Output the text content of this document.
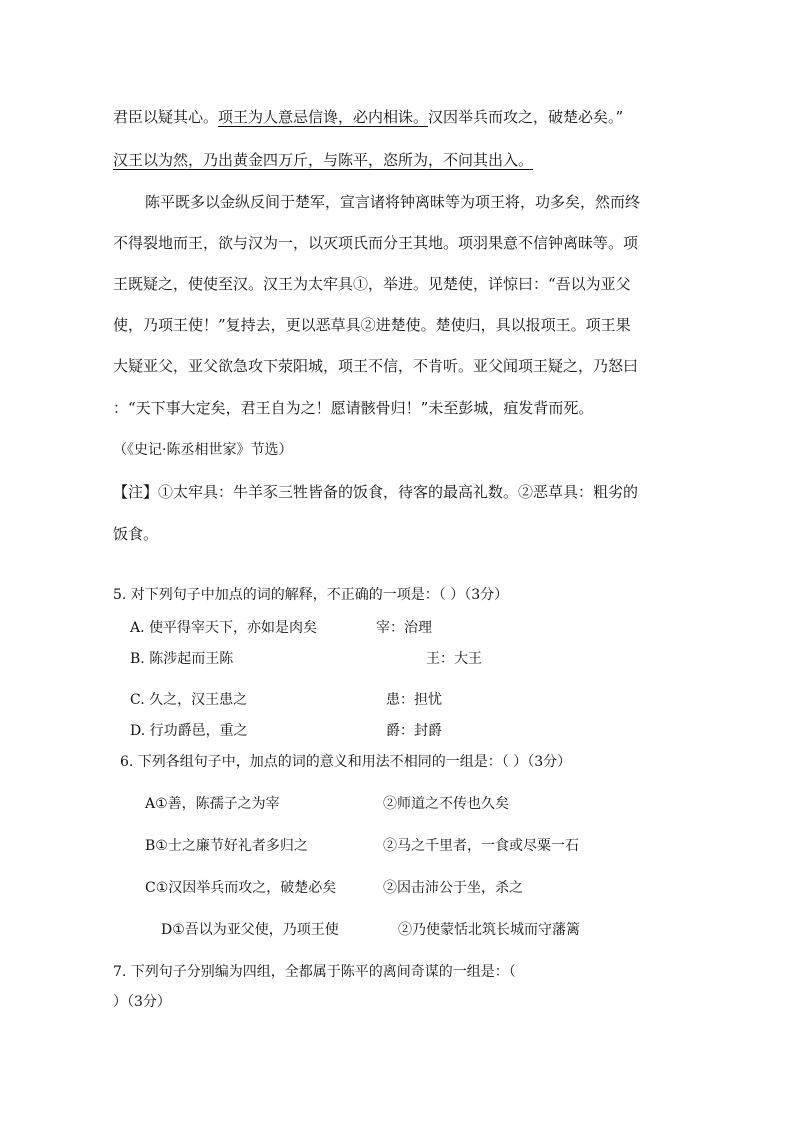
君臣以疑其心。项王为人意忌信谗，必内相诛。汉因举兵而攻之，破楚必矣。”
汉王以为然，乃出黄金四万斤，与陈平，恣所为，不问其出入。
陈平既多以金纵反间于楚军，宣言诸将钟离昧等为项王将，功多矣，然而终
不得裂地而王，欲与汉为一，以灭项氏而分王其地。项羽果意不信钟离昧等。项
王既疑之，使使至汉。汉王为太牢具①，举进。见楚使，详惊曰：“吾以为亚父
使，乃项王使！”复持去，更以恶草具②进楚使。楚使归，具以报项王。项王果
大疑亚父，亚父欲急攻下荥阳城，项王不信，不肯听。亚父闻项王疑之，乃怒曰
：“天下事大定矣，君王自为之！愿请骸骨归！”未至彭城，疽发背而死。
（《史记·陈丞相世家》节选）
【注】①太牢具：牛羊豕三牲皆备的饭食，待客的最高礼数。②恶草具：粗劣的
饭食。
5. 对下列句子中加点的词的解释，不正确的一项是：（ ）（3分）
A. 使平得宰天下，亦如是肉矣	宰：治理
B. 陈涉起而王陈	王：大王
C. 久之，汉王患之	患：担忧
D. 行功爵邑，重之	爵：封爵
6. 下列各组句子中，加点的词的意义和用法不相同的一组是：（ ）（3分）
A①善，陈孺子之为宰	②师道之不传也久矣
B①士之廉节好礼者多归之	②马之千里者，一食或尽粟一石
C①汉因举兵而攻之，破楚必矣	②因击沛公于坐，杀之
D①吾以为亚父使，乃项王使	②乃使蒙恬北筑长城而守藩篱
7. 下列句子分别编为四组，全都属于陈平的离间奇谋的一组是：（
）（3分）
